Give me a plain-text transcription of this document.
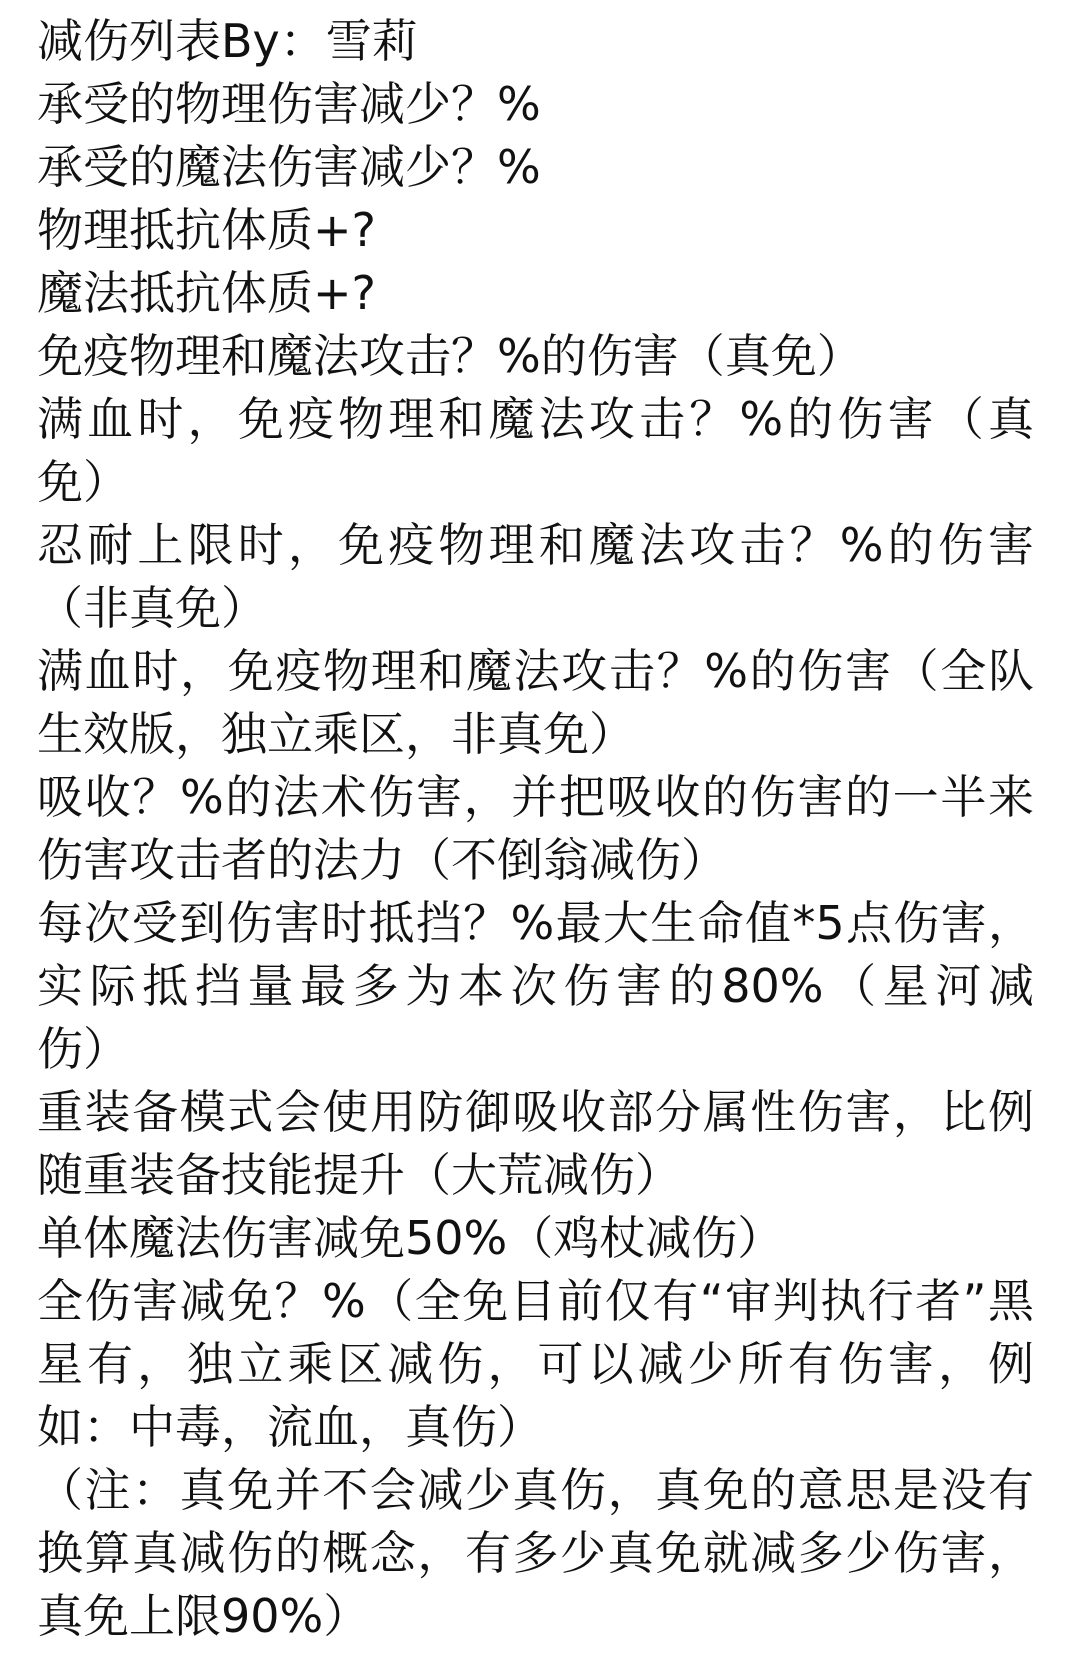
减伤列表By：雪莉
承受的物理伤害减少？%
承受的魔法伤害减少？%
物理抵抗体质+?
魔法抵抗体质+?
免疫物理和魔法攻击？%的伤害（真免）
满血时，免疫物理和魔法攻击？%的伤害（真
免）
忍耐上限时，免疫物理和魔法攻击？%的伤害
（非真免）
满血时，免疫物理和魔法攻击？%的伤害（全队
生效版，独立乘区，非真免）
吸收？%的法术伤害，并把吸收的伤害的一半来
伤害攻击者的法力（不倒翁减伤）
每次受到伤害时抵挡？%最大生命值*5点伤害，
实际抵挡量最多为本次伤害的80%（星河减
伤）
重装备模式会使用防御吸收部分属性伤害，比例
随重装备技能提升（大荒减伤）
单体魔法伤害减免50%（鸡杖减伤）
全伤害减免？%（全免目前仅有“审判执行者”黑
星有，独立乘区减伤，可以减少所有伤害，例
如：中毒，流血，真伤）
（注：真免并不会减少真伤，真免的意思是没有
换算真减伤的概念，有多少真免就减多少伤害，
真免上限90%）
